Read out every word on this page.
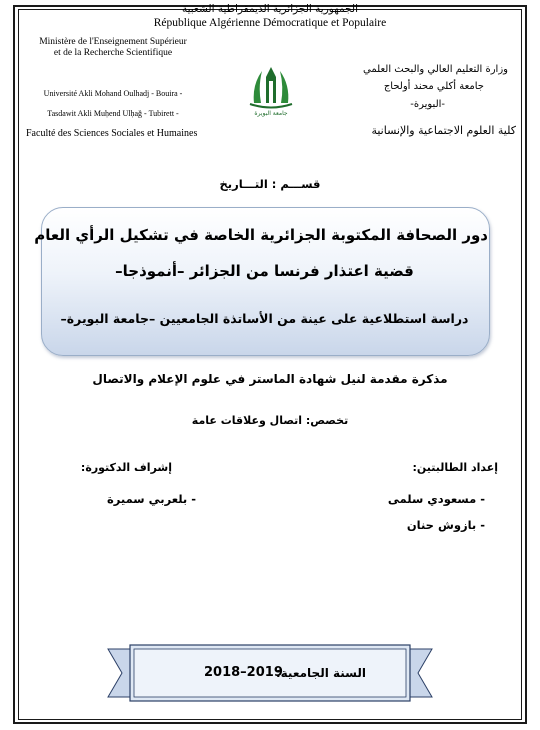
الجمهورية الجزائرية الديمقراطية الشعبية
République Algérienne Démocratique et Populaire
Ministère de l'Enseignement Supérieur
et de la Recherche Scientifique
Université Akli Mohand Oulhadj - Bouira -
Tasdawit Akli Muḥend Ulḥağ - Tubirett -
Faculté des Sciences Sociales et Humaines
وزارة التعليم العالي والبحث العلمي
جامعة أكلي محند أولحاج
-البويرة-
كلية العلوم الاجتماعية والإنسانية
جامعة البويرة
قســـم : التـــاريخ
دور الصحافة المكتوبة الجزائرية الخاصة في تشكيل الرأي العام
قضية اعتذار فرنسا من الجزائر –أنموذجا–
دراسة استطلاعية على عينة من الأساتذة الجامعيين –جامعة البويرة–
مذكرة مقدمة لنيل شهادة الماستر في علوم الإعلام والاتصال
تخصص: اتصال وعلاقات عامة
إعداد الطالبتين:
- مسعودي سلمى
- بازوش حنان
إشراف الدكتورة:
- بلعربي سميرة
السنة الجامعية:
2018–2019
